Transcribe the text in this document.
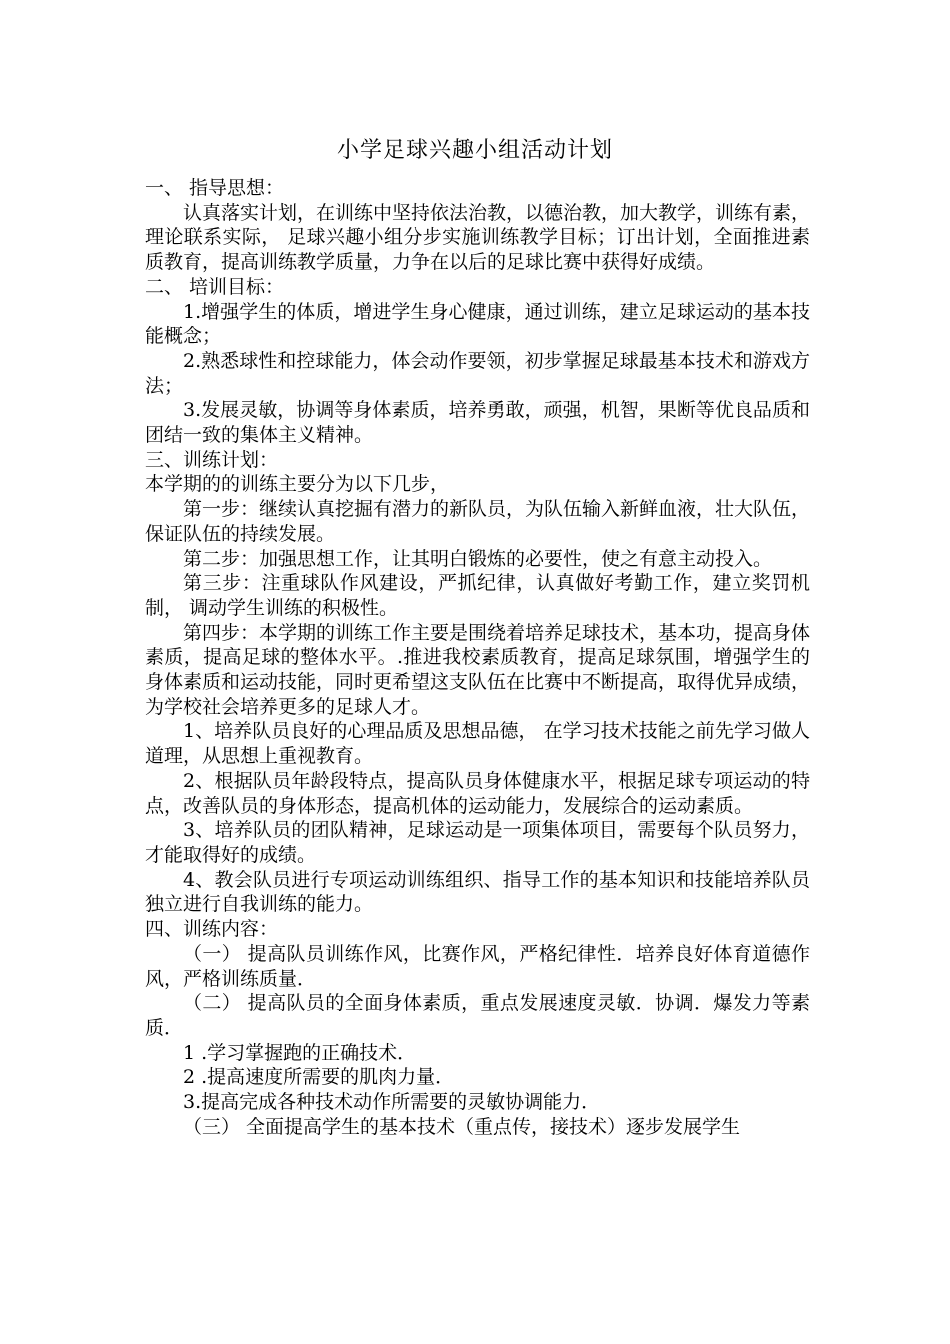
小学足球兴趣小组活动计划

一、 指导思想：

认真落实计划，在训练中坚持依法治教，以德治教，加大教学，训练有素，理论联系实际， 足球兴趣小组分步实施训练教学目标；订出计划，全面推进素质教育，提高训练教学质量，力争在以后的足球比赛中获得好成绩。

二、 培训目标：

1.增强学生的体质，增进学生身心健康，通过训练，建立足球运动的基本技能概念；

2.熟悉球性和控球能力，体会动作要领，初步掌握足球最基本技术和游戏方法；

3.发展灵敏，协调等身体素质，培养勇敢，顽强，机智，果断等优良品质和团结一致的集体主义精神。

三、训练计划：

本学期的的训练主要分为以下几步，

第一步：继续认真挖掘有潜力的新队员，为队伍输入新鲜血液，壮大队伍，保证队伍的持续发展。

第二步：加强思想工作，让其明白锻炼的必要性，使之有意主动投入。

第三步：注重球队作风建设，严抓纪律，认真做好考勤工作，建立奖罚机制， 调动学生训练的积极性。

第四步：本学期的训练工作主要是围绕着培养足球技术，基本功，提高身体素质，提高足球的整体水平。.推进我校素质教育，提高足球氛围，增强学生的身体素质和运动技能，同时更希望这支队伍在比赛中不断提高，取得优异成绩，为学校社会培养更多的足球人才。

1、培养队员良好的心理品质及思想品德， 在学习技术技能之前先学习做人道理，从思想上重视教育。

2、根据队员年龄段特点，提高队员身体健康水平，根据足球专项运动的特点，改善队员的身体形态，提高机体的运动能力，发展综合的运动素质。

3、培养队员的团队精神，足球运动是一项集体项目，需要每个队员努力，才能取得好的成绩。

4、教会队员进行专项运动训练组织、指导工作的基本知识和技能培养队员独立进行自我训练的能力。

四、训练内容：

（一） 提高队员训练作风，比赛作风，严格纪律性．培养良好体育道德作风，严格训练质量．

（二） 提高队员的全面身体素质，重点发展速度灵敏．协调．爆发力等素质．

1 .学习掌握跑的正确技术．

2 .提高速度所需要的肌肉力量．

3.提高完成各种技术动作所需要的灵敏协调能力．

（三） 全面提高学生的基本技术（重点传，接技术）逐步发展学生
